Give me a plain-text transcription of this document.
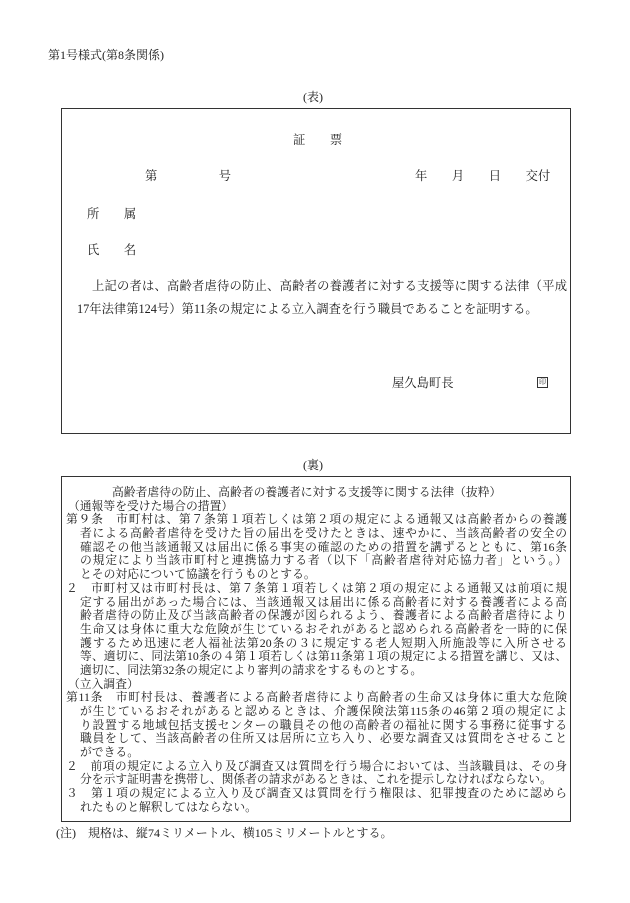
第1号様式(第8条関係)
(表)
証　　票
第　　　　　号	年　　月　　日　　交付
所　　属
氏　　名
上記の者は、高齢者虐待の防止、高齢者の養護者に対する支援等に関する法律（平成
17年法律第124号）第11条の規定による立入調査を行う職員であることを証明する。
屋久島町長	印
(裏)
高齢者虐待の防止、高齢者の養護者に対する支援等に関する法律（抜粋）
（通報等を受けた場合の措置）
第９条　市町村は、第７条第１項若しくは第２項の規定による通報又は高齢者からの養護
者による高齢者虐待を受けた旨の届出を受けたときは、速やかに、当該高齢者の安全の
確認その他当該通報又は届出に係る事実の確認のための措置を講ずるとともに、第16条
の規定により当該市町村と連携協力する者（以下「高齢者虐待対応協力者」という。）
とその対応について協議を行うものとする。
２　市町村又は市町村長は、第７条第１項若しくは第２項の規定による通報又は前項に規
定する届出があった場合には、当該通報又は届出に係る高齢者に対する養護者による高
齢者虐待の防止及び当該高齢者の保護が図られるよう、養護者による高齢者虐待により
生命又は身体に重大な危険が生じているおそれがあると認められる高齢者を一時的に保
護するため迅速に老人福祉法第20条の３に規定する老人短期入所施設等に入所させる
等、適切に、同法第10条の４第１項若しくは第11条第１項の規定による措置を講じ、又は、
適切に、同法第32条の規定により審判の請求をするものとする。
（立入調査）
第11条　市町村長は、養護者による高齢者虐待により高齢者の生命又は身体に重大な危険
が生じているおそれがあると認めるときは、介護保険法第115条の46第２項の規定によ
り設置する地域包括支援センターの職員その他の高齢者の福祉に関する事務に従事する
職員をして、当該高齢者の住所又は居所に立ち入り、必要な調査又は質問をさせること
ができる。
２　前項の規定による立入り及び調査又は質問を行う場合においては、当該職員は、その身
分を示す証明書を携帯し、関係者の請求があるときは、これを提示しなければならない。
３　第１項の規定による立入り及び調査又は質問を行う権限は、犯罪捜査のために認めら
れたものと解釈してはならない。
(注)　規格は、縦74ミリメートル、横105ミリメートルとする。
